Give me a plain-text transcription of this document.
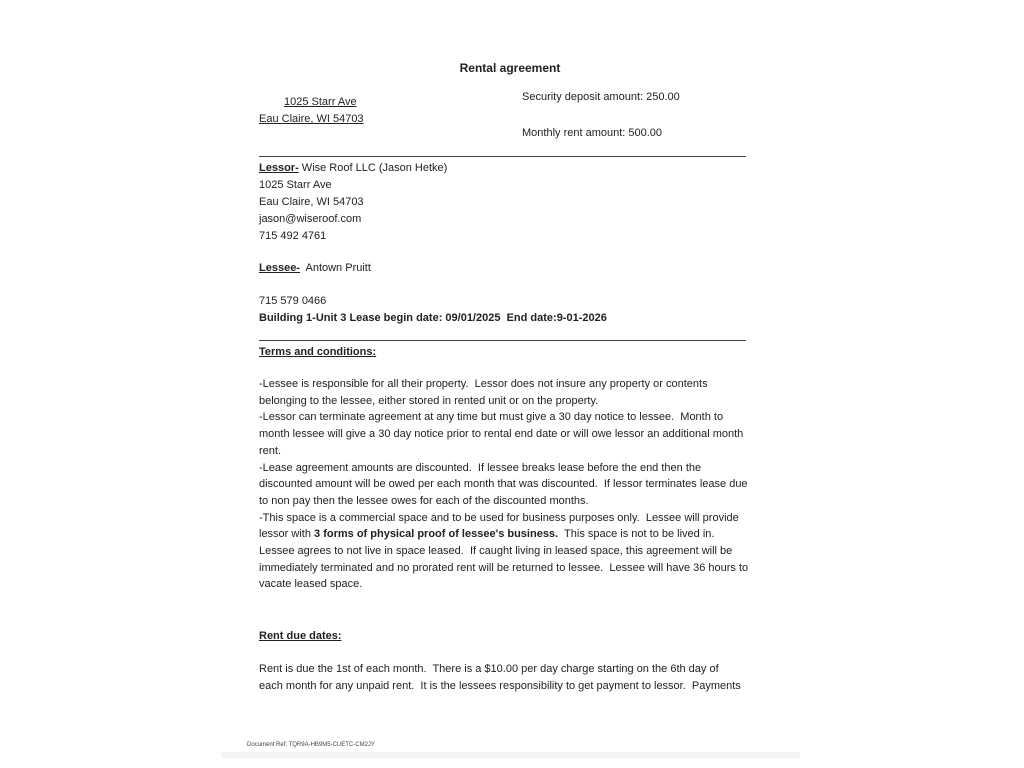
Rental agreement
1025 Starr Ave
Eau Claire, WI 54703
Security deposit amount: 250.00
Monthly rent amount: 500.00
Lessor- Wise Roof LLC (Jason Hetke)
1025 Starr Ave
Eau Claire, WI 54703
jason@wiseroof.com
715 492 4761
Lessee-  Antown Pruitt
715 579 0466
Building 1-Unit 3 Lease begin date: 09/01/2025  End date:9-01-2026
Terms and conditions:
-Lessee is responsible for all their property.  Lessor does not insure any property or contents
belonging to the lessee, either stored in rented unit or on the property.
-Lessor can terminate agreement at any time but must give a 30 day notice to lessee.  Month to
month lessee will give a 30 day notice prior to rental end date or will owe lessor an additional month
rent.
-Lease agreement amounts are discounted.  If lessee breaks lease before the end then the
discounted amount will be owed per each month that was discounted.  If lessor terminates lease due
to non pay then the lessee owes for each of the discounted months.
-This space is a commercial space and to be used for business purposes only.  Lessee will provide
lessor with 3 forms of physical proof of lessee's business.  This space is not to be lived in.
Lessee agrees to not live in space leased.  If caught living in leased space, this agreement will be
immediately terminated and no prorated rent will be returned to lessee.  Lessee will have 36 hours to
vacate leased space.
Rent due dates:
Rent is due the 1st of each month.  There is a $10.00 per day charge starting on the 6th day of
each month for any unpaid rent.  It is the lessees responsibility to get payment to lessor.  Payments
Document Ref: TQR9A-HB9M5-CUETC-CM2JY
